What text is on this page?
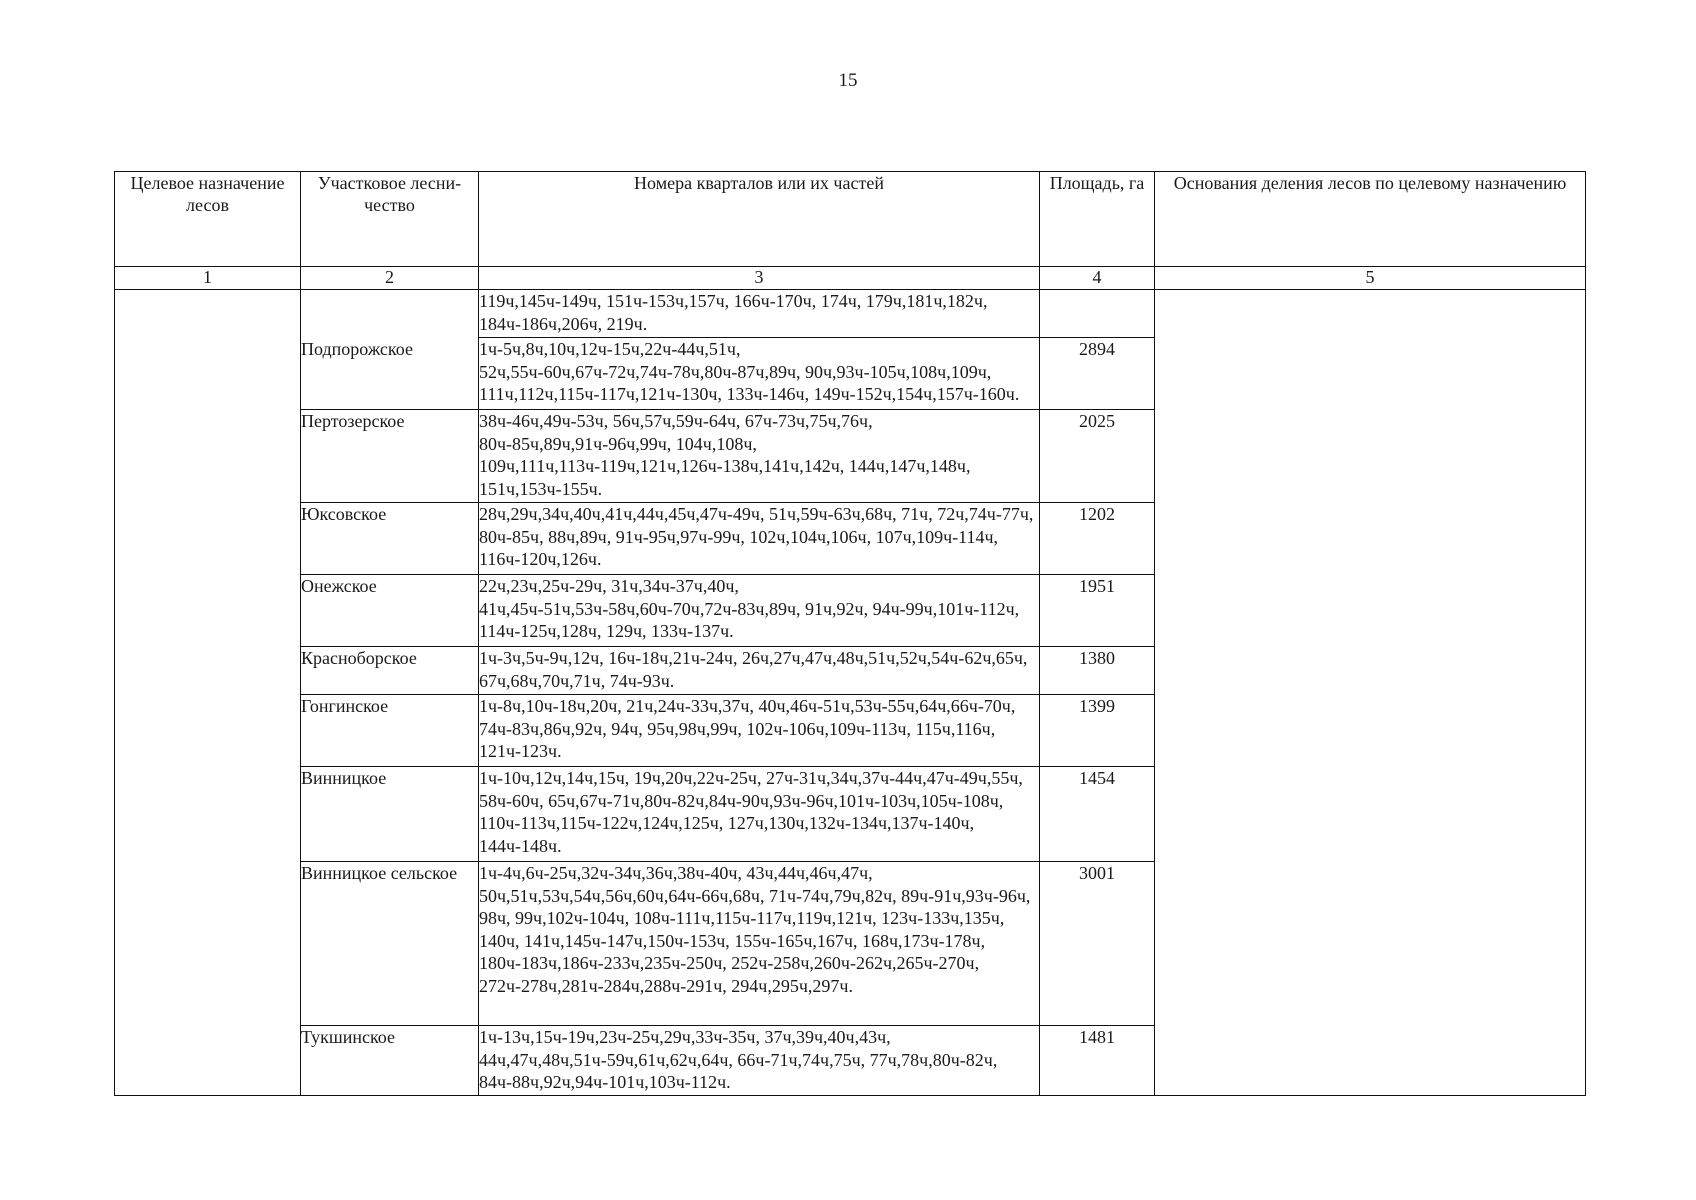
15
Целевое назначение лесов	Участковое лесни-чество	Номера кварталов или их частей	Площадь, га	Основания деления лесов по целевому назначению
1	2	3	4	5
		119ч,145ч-149ч, 151ч-153ч,157ч, 166ч-170ч, 174ч, 179ч,181ч,182ч, 184ч-186ч,206ч, 219ч.		
	Подпорожское	1ч-5ч,8ч,10ч,12ч-15ч,22ч-44ч,51ч, 52ч,55ч-60ч,67ч-72ч,74ч-78ч,80ч-87ч,89ч, 90ч,93ч-105ч,108ч,109ч, 111ч,112ч,115ч-117ч,121ч-130ч, 133ч-146ч, 149ч-152ч,154ч,157ч-160ч.	2894	
	Пертозерское	38ч-46ч,49ч-53ч, 56ч,57ч,59ч-64ч, 67ч-73ч,75ч,76ч, 80ч-85ч,89ч,91ч-96ч,99ч, 104ч,108ч, 109ч,111ч,113ч-119ч,121ч,126ч-138ч,141ч,142ч, 144ч,147ч,148ч, 151ч,153ч-155ч.	2025	
	Юксовское	28ч,29ч,34ч,40ч,41ч,44ч,45ч,47ч-49ч, 51ч,59ч-63ч,68ч, 71ч, 72ч,74ч-77ч, 80ч-85ч, 88ч,89ч, 91ч-95ч,97ч-99ч, 102ч,104ч,106ч, 107ч,109ч-114ч, 116ч-120ч,126ч.	1202	
	Онежское	22ч,23ч,25ч-29ч, 31ч,34ч-37ч,40ч, 41ч,45ч-51ч,53ч-58ч,60ч-70ч,72ч-83ч,89ч, 91ч,92ч, 94ч-99ч,101ч-112ч, 114ч-125ч,128ч, 129ч, 133ч-137ч.	1951	
	Красноборское	1ч-3ч,5ч-9ч,12ч, 16ч-18ч,21ч-24ч, 26ч,27ч,47ч,48ч,51ч,52ч,54ч-62ч,65ч, 67ч,68ч,70ч,71ч, 74ч-93ч.	1380	
	Гонгинское	1ч-8ч,10ч-18ч,20ч, 21ч,24ч-33ч,37ч, 40ч,46ч-51ч,53ч-55ч,64ч,66ч-70ч, 74ч-83ч,86ч,92ч, 94ч, 95ч,98ч,99ч, 102ч-106ч,109ч-113ч, 115ч,116ч, 121ч-123ч.	1399	
	Винницкое	1ч-10ч,12ч,14ч,15ч, 19ч,20ч,22ч-25ч, 27ч-31ч,34ч,37ч-44ч,47ч-49ч,55ч, 58ч-60ч, 65ч,67ч-71ч,80ч-82ч,84ч-90ч,93ч-96ч,101ч-103ч,105ч-108ч, 110ч-113ч,115ч-122ч,124ч,125ч, 127ч,130ч,132ч-134ч,137ч-140ч, 144ч-148ч.	1454	
	Винницкое сельское	1ч-4ч,6ч-25ч,32ч-34ч,36ч,38ч-40ч, 43ч,44ч,46ч,47ч, 50ч,51ч,53ч,54ч,56ч,60ч,64ч-66ч,68ч, 71ч-74ч,79ч,82ч, 89ч-91ч,93ч-96ч, 98ч, 99ч,102ч-104ч, 108ч-111ч,115ч-117ч,119ч,121ч, 123ч-133ч,135ч, 140ч, 141ч,145ч-147ч,150ч-153ч, 155ч-165ч,167ч, 168ч,173ч-178ч, 180ч-183ч,186ч-233ч,235ч-250ч, 252ч-258ч,260ч-262ч,265ч-270ч, 272ч-278ч,281ч-284ч,288ч-291ч, 294ч,295ч,297ч.	3001	
	Тукшинское	1ч-13ч,15ч-19ч,23ч-25ч,29ч,33ч-35ч, 37ч,39ч,40ч,43ч, 44ч,47ч,48ч,51ч-59ч,61ч,62ч,64ч, 66ч-71ч,74ч,75ч, 77ч,78ч,80ч-82ч, 84ч-88ч,92ч,94ч-101ч,103ч-112ч.	1481	
